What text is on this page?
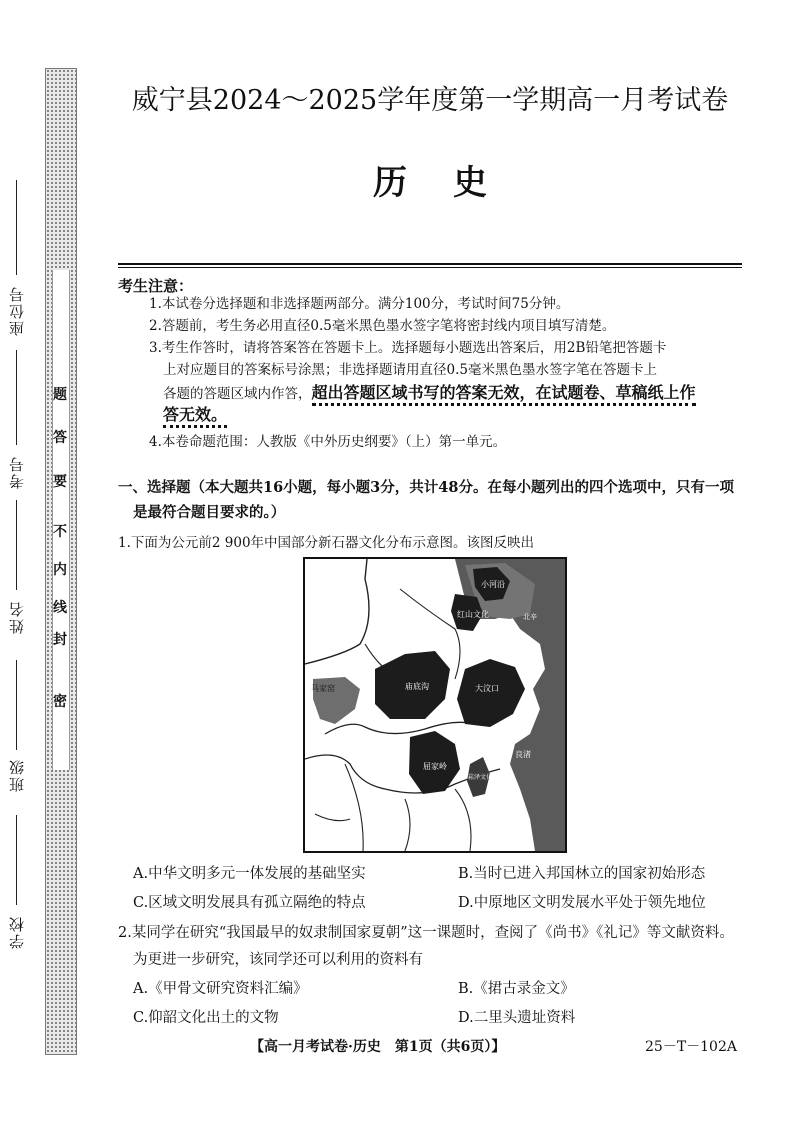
密
封
线
内
不
要
答
题
座位号
考号
姓名
班级
学校
威宁县2024～2025学年度第一学期高一月考试卷
历史
考生注意：
1.本试卷分选择题和非选择题两部分。满分100分，考试时间75分钟。
2.答题前，考生务必用直径0.5毫米黑色墨水签字笔将密封线内项目填写清楚。
3.考生作答时，请将答案答在答题卡上。选择题每小题选出答案后，用2B铅笔把答题卡
上对应题目的答案标号涂黑；非选择题请用直径0.5毫米黑色墨水签字笔在答题卡上
各题的答题区域内作答，超出答题区域书写的答案无效，在试题卷、草稿纸上作
答无效。
4.本卷命题范围：人教版《中外历史纲要》（上）第一单元。
一、选择题（本大题共16小题，每小题3分，共计48分。在每小题列出的四个选项中，只有一项
是最符合题目要求的。）
1.下面为公元前2 900年中国部分新石器文化分布示意图。该图反映出
小河沿
红山文化	北辛
庙底沟	大汶口
马家窑
屈家岭
崧泽文化
良渚
A.中华文明多元一体发展的基础坚实	B.当时已进入邦国林立的国家初始形态
C.区域文明发展具有孤立隔绝的特点	D.中原地区文明发展水平处于领先地位
2.某同学在研究“我国最早的奴隶制国家夏朝”这一课题时，查阅了《尚书》《礼记》等文献资料。
为更进一步研究，该同学还可以利用的资料有
A.《甲骨文研究资料汇编》	B.《捃古录金文》
C.仰韶文化出土的文物	D.二里头遗址资料
【高一月考试卷·历史　第1页（共6页）】	25－T－102A
